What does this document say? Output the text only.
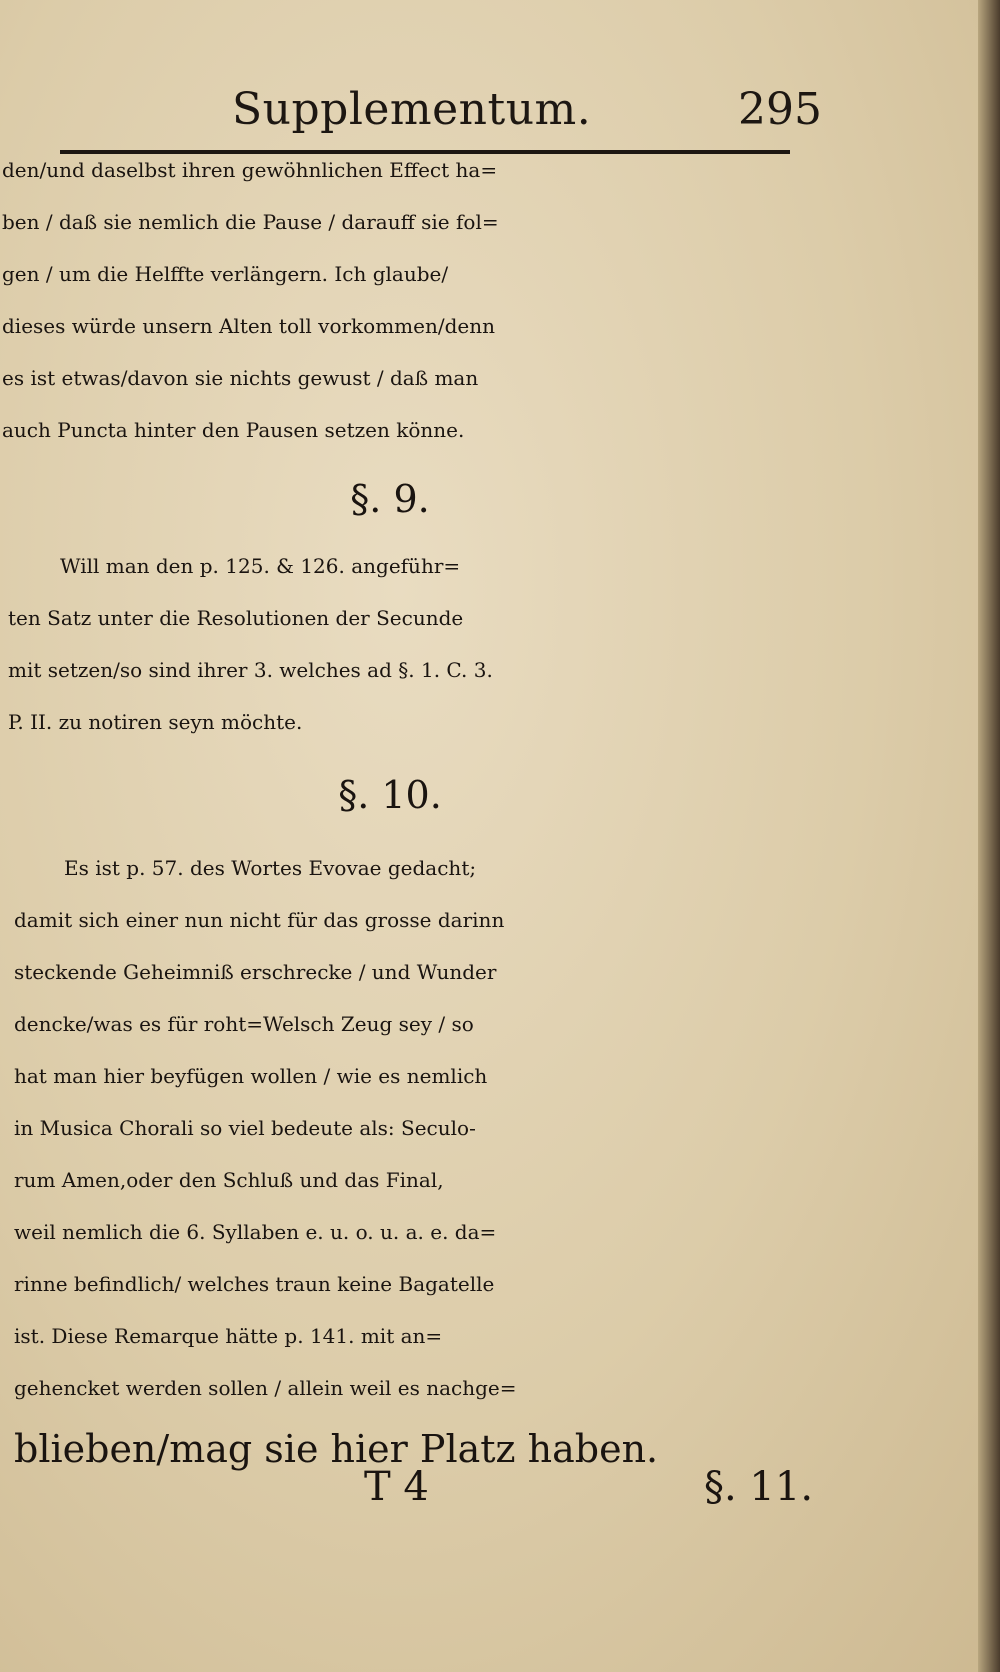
Supplementum.	295
den/und daselbst ihren gewöhnlichen Effect ha=
ben / daß sie nemlich die Pause / darauff sie fol=
gen / um die Helffte verlängern. Ich glaube/
dieses würde unsern Alten toll vorkommen/denn
es ist etwas/davon sie nichts gewust / daß man
auch Puncta hinter den Pausen setzen könne.
§. 9.
Will man den p. 125. & 126. angeführ=
ten Satz unter die Resolutionen der Secunde
mit setzen/so sind ihrer 3. welches ad §. 1. C. 3.
P. II. zu notiren seyn möchte.
§. 10.
Es ist p. 57. des Wortes Evovae gedacht;
damit sich einer nun nicht für das grosse darinn
steckende Geheimniß erschrecke / und Wunder
dencke/was es für roht=Welsch Zeug sey / so
hat man hier beyfügen wollen / wie es nemlich
in Musica Chorali so viel bedeute als: Seculo-
rum Amen,oder den Schluß und das Final,
weil nemlich die 6. Syllaben e. u. o. u. a. e. da=
rinne befindlich/ welches traun keine Bagatelle
ist. Diese Remarque hätte p. 141. mit an=
gehencket werden sollen / allein weil es nachge=
blieben/mag sie hier Platz haben.
T 4	§. 11.
